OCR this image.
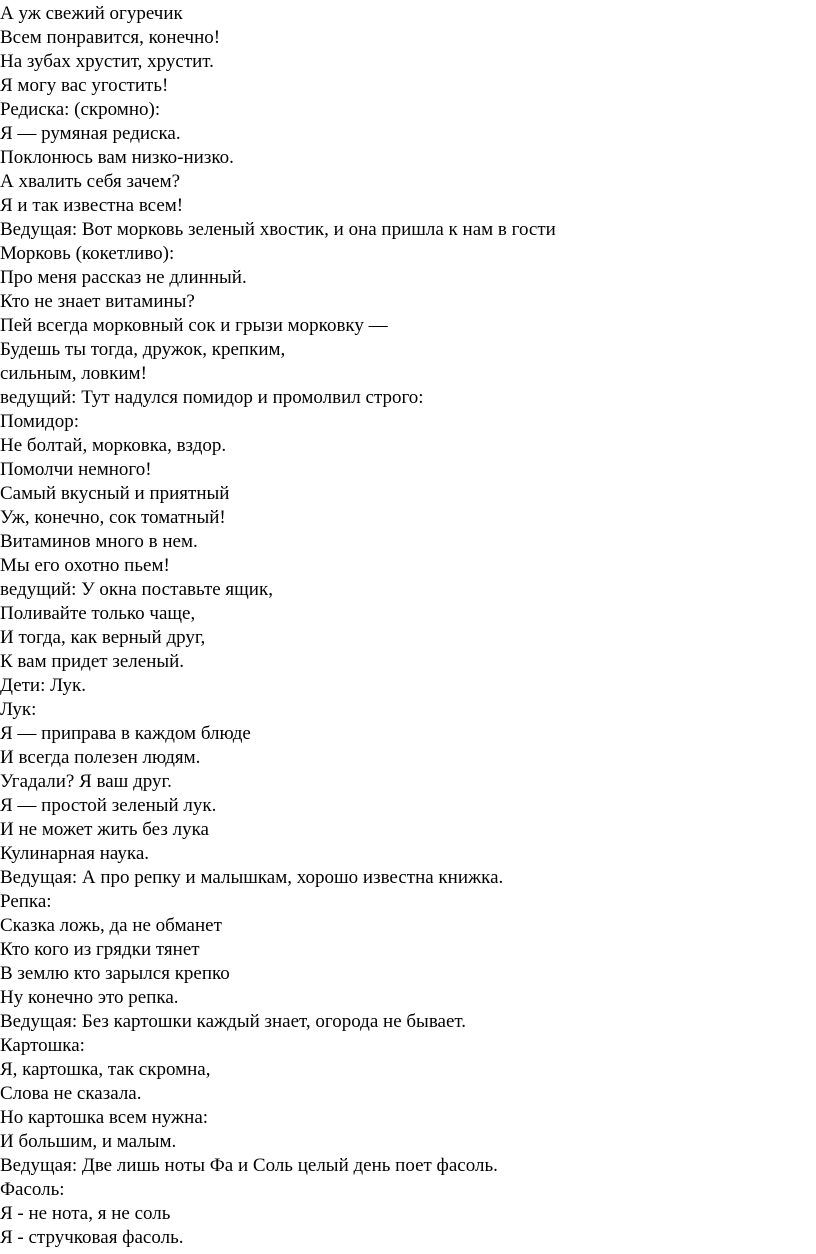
А уж свежий огуречик
Всем понравится, конечно!
На зубах хрустит, хрустит.
Я могу вас угостить!
Редиска: (скромно):
Я — румяная редиска.
Поклонюсь вам низко-низко.
А хвалить себя зачем?
Я и так известна всем!
Ведущая: Вот морковь зеленый хвостик, и она пришла к нам в гости
Морковь (кокетливо):
Про меня рассказ не длинный.
Кто не знает витамины?
Пей всегда морковный сок и грызи морковку —
Будешь ты тогда, дружок, крепким,
сильным, ловким!
ведущий: Тут надулся помидор и промолвил строго:
Помидор:
Не болтай, морковка, вздор.
Помолчи немного!
Самый вкусный и приятный
Уж, конечно, сок томатный!
Витаминов много в нем.
Мы его охотно пьем!
ведущий: У окна поставьте ящик,
Поливайте только чаще,
И тогда, как верный друг,
К вам придет зеленый.
Дети: Лук.
Лук:
Я — приправа в каждом блюде
И всегда полезен людям.
Угадали? Я ваш друг.
Я — простой зеленый лук.
И не может жить без лука
Кулинарная наука.
Ведущая: А про репку и малышкам, хорошо известна книжка.
Репка:
Сказка ложь, да не обманет
Кто кого из грядки тянет
В землю кто зарылся крепко
Ну конечно это репка.
Ведущая: Без картошки каждый знает, огорода не бывает.
Картошка:
Я, картошка, так скромна,
Слова не сказала.
Но картошка всем нужна:
И большим, и малым.
Ведущая: Две лишь ноты Фа и Соль целый день поет фасоль.
Фасоль:
Я - не нота, я не соль
Я - стручковая фасоль.
